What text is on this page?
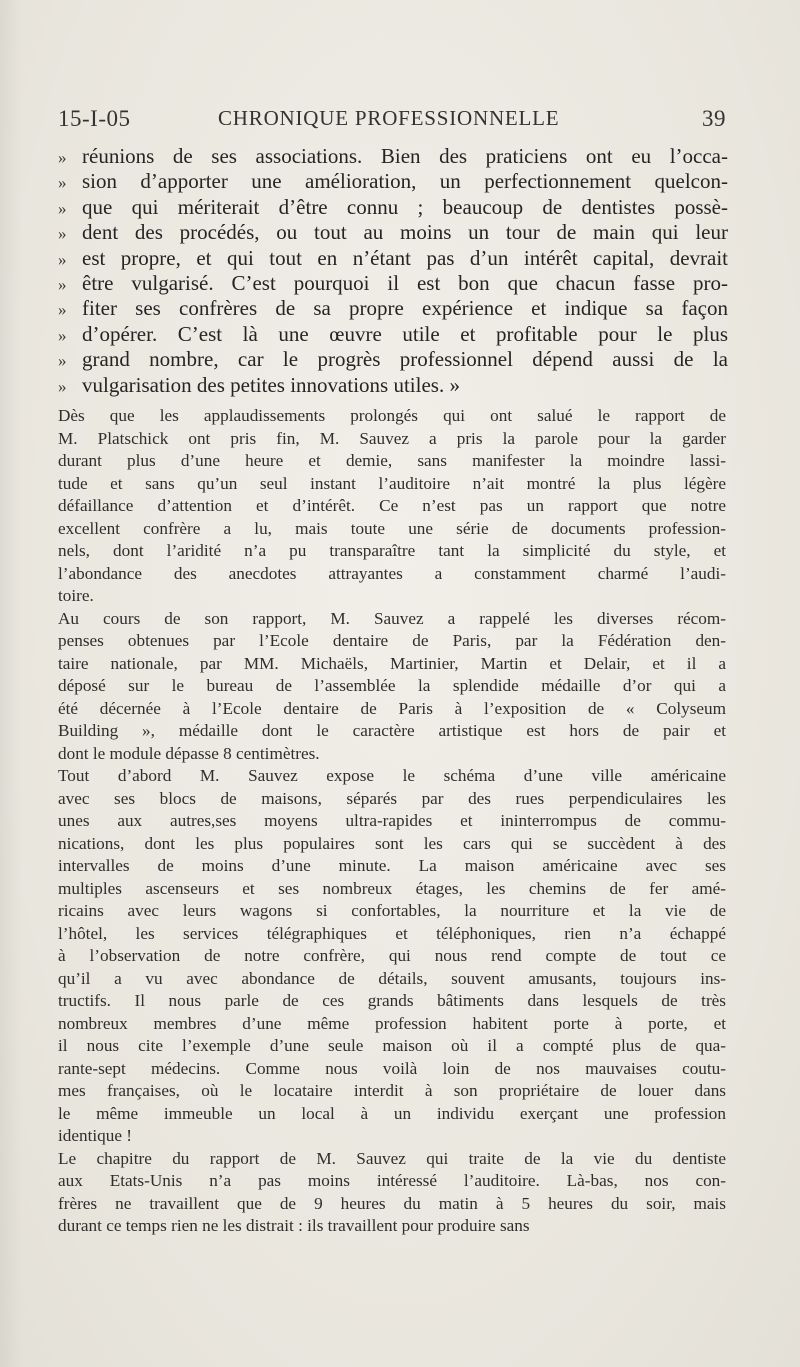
15-I-05	CHRONIQUE PROFESSIONNELLE	39
» réunions de ses associations. Bien des praticiens ont eu l’occa-
» sion d’apporter une amélioration, un perfectionnement quelcon-
» que qui mériterait d’être connu ; beaucoup de dentistes possè-
» dent des procédés, ou tout au moins un tour de main qui leur
» est propre, et qui tout en n’étant pas d’un intérêt capital, devrait
» être vulgarisé. C’est pourquoi il est bon que chacun fasse pro-
» fiter ses confrères de sa propre expérience et indique sa façon
» d’opérer. C’est là une œuvre utile et profitable pour le plus
» grand nombre, car le progrès professionnel dépend aussi de la
» vulgarisation des petites innovations utiles. »
Dès que les applaudissements prolongés qui ont salué le rapport de
M. Platschick ont pris fin, M. Sauvez a pris la parole pour la garder
durant plus d’une heure et demie, sans manifester la moindre lassi-
tude et sans qu’un seul instant l’auditoire n’ait montré la plus légère
défaillance d’attention et d’intérêt. Ce n’est pas un rapport que notre
excellent confrère a lu, mais toute une série de documents profession-
nels, dont l’aridité n’a pu transparaître tant la simplicité du style, et
l’abondance des anecdotes attrayantes a constamment charmé l’audi-
toire.
Au cours de son rapport, M. Sauvez a rappelé les diverses récom-
penses obtenues par l’Ecole dentaire de Paris, par la Fédération den-
taire nationale, par MM. Michaëls, Martinier, Martin et Delair, et il a
déposé sur le bureau de l’assemblée la splendide médaille d’or qui a
été décernée à l’Ecole dentaire de Paris à l’exposition de « Colyseum
Building », médaille dont le caractère artistique est hors de pair et
dont le module dépasse 8 centimètres.
Tout d’abord M. Sauvez expose le schéma d’une ville américaine
avec ses blocs de maisons, séparés par des rues perpendiculaires les
unes aux autres,ses moyens ultra-rapides et ininterrompus de commu-
nications, dont les plus populaires sont les cars qui se succèdent à des
intervalles de moins d’une minute. La maison américaine avec ses
multiples ascenseurs et ses nombreux étages, les chemins de fer amé-
ricains avec leurs wagons si confortables, la nourriture et la vie de
l’hôtel, les services télégraphiques et téléphoniques, rien n’a échappé
à l’observation de notre confrère, qui nous rend compte de tout ce
qu’il a vu avec abondance de détails, souvent amusants, toujours ins-
tructifs. Il nous parle de ces grands bâtiments dans lesquels de très
nombreux membres d’une même profession habitent porte à porte, et
il nous cite l’exemple d’une seule maison où il a compté plus de qua-
rante-sept médecins. Comme nous voilà loin de nos mauvaises coutu-
mes françaises, où le locataire interdit à son propriétaire de louer dans
le même immeuble un local à un individu exerçant une profession
identique !
Le chapitre du rapport de M. Sauvez qui traite de la vie du dentiste
aux Etats-Unis n’a pas moins intéressé l’auditoire. Là-bas, nos con-
frères ne travaillent que de 9 heures du matin à 5 heures du soir, mais
durant ce temps rien ne les distrait : ils travaillent pour produire sans
